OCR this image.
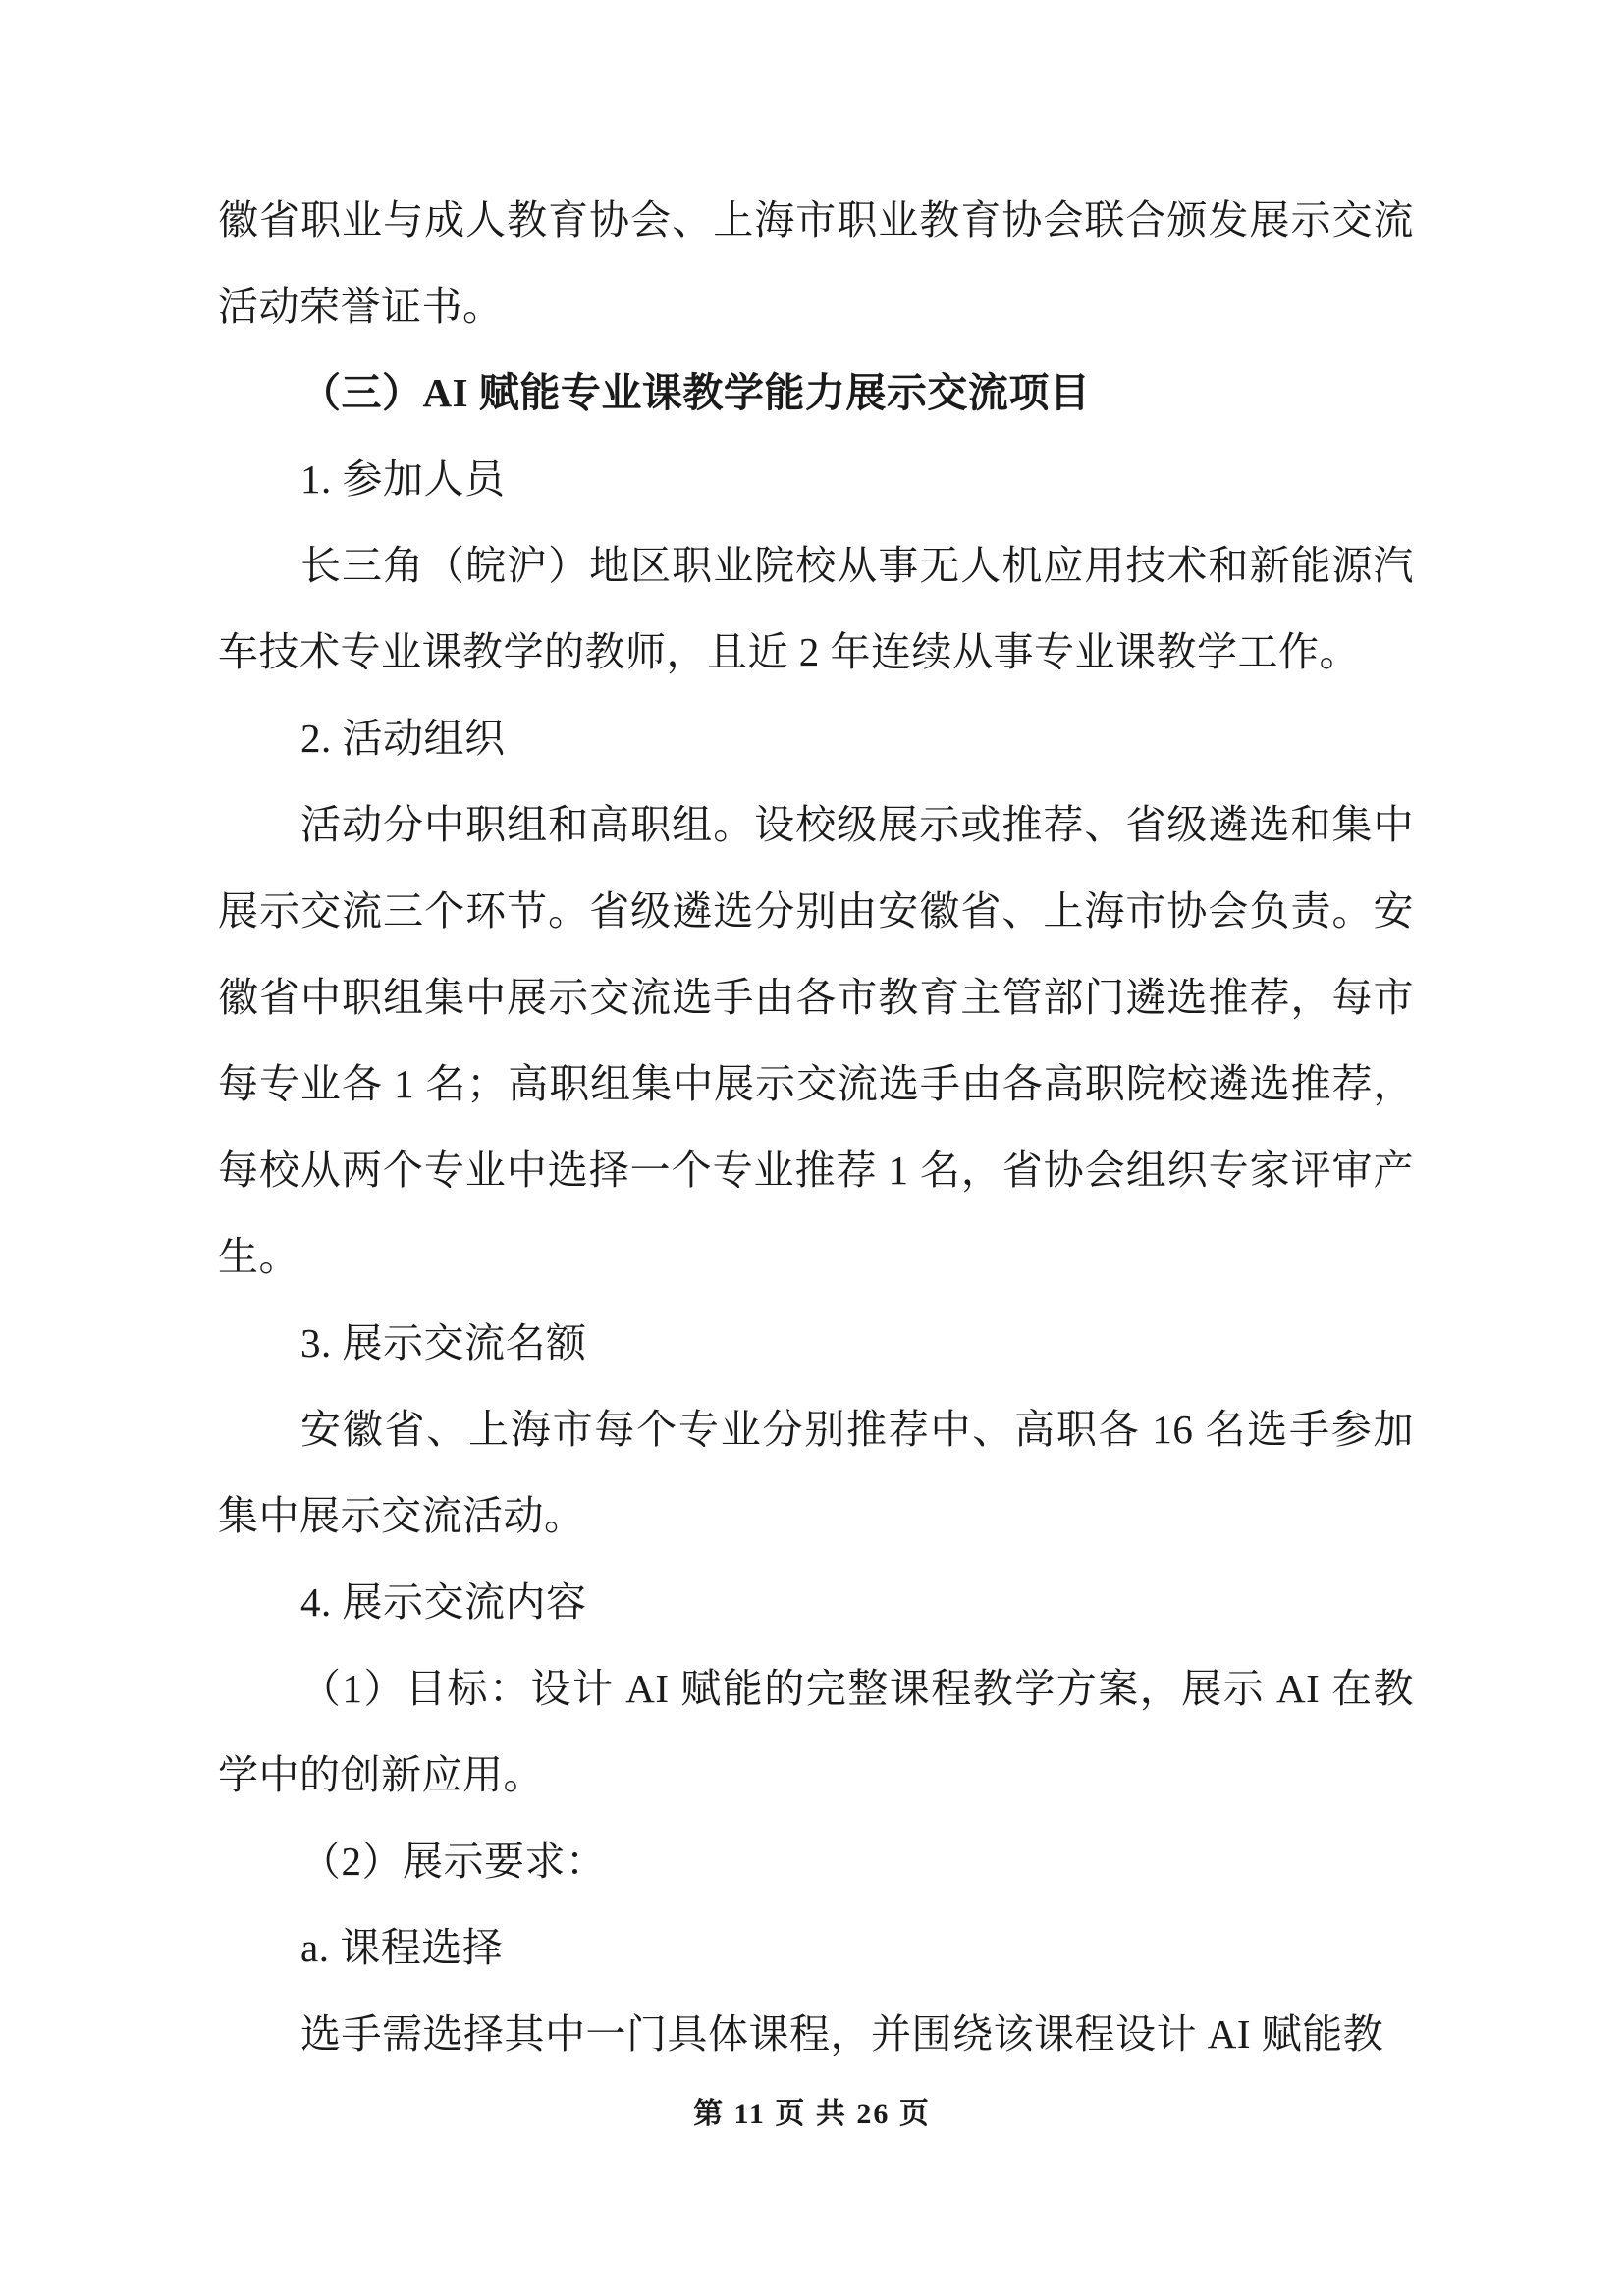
徽省职业与成人教育协会、上海市职业教育协会联合颁发展示交流活动荣誉证书。

（三）AI 赋能专业课教学能力展示交流项目

1. 参加人员

长三角（皖沪）地区职业院校从事无人机应用技术和新能源汽车技术专业课教学的教师，且近 2 年连续从事专业课教学工作。

2. 活动组织

活动分中职组和高职组。设校级展示或推荐、省级遴选和集中展示交流三个环节。省级遴选分别由安徽省、上海市协会负责。安徽省中职组集中展示交流选手由各市教育主管部门遴选推荐，每市每专业各 1 名；高职组集中展示交流选手由各高职院校遴选推荐，每校从两个专业中选择一个专业推荐 1 名，省协会组织专家评审产生。

3. 展示交流名额

安徽省、上海市每个专业分别推荐中、高职各 16 名选手参加集中展示交流活动。

4. 展示交流内容

（1）目标：设计 AI 赋能的完整课程教学方案，展示 AI 在教学中的创新应用。

（2）展示要求：

a. 课程选择

选手需选择其中一门具体课程，并围绕该课程设计 AI 赋能教

第 11 页 共 26 页
